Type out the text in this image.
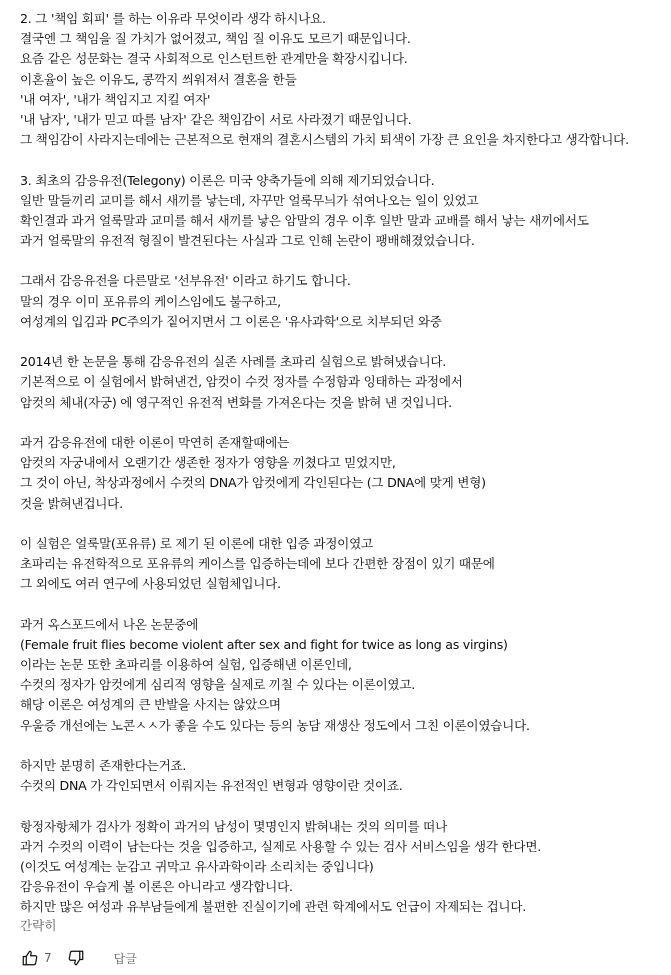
2. 그 '책임 회피' 를 하는 이유라 무엇이라 생각 하시나요.
결국엔 그 책임을 질 가치가 없어졌고, 책임 질 이유도 모르기 때문입니다.
요즘 같은 성문화는 결국 사회적으로 인스턴트한 관계만을 확장시킵니다.
이혼율이 높은 이유도, 콩깍지 씌워져서 결혼을 한들
'내 여자', '내가 책임지고 지킬 여자'
'내 남자', '내가 믿고 따를 남자' 같은 책임감이 서로 사라졌기 때문입니다.
그 책임감이 사라지는데에는 근본적으로 현재의 결혼시스템의 가치 퇴색이 가장 큰 요인을 차지한다고 생각합니다.
3. 최초의 감응유전(Telegony) 이론은 미국 양축가들에 의해 제기되었습니다.
일반 말들끼리 교미를 해서 새끼를 낳는데, 자꾸만 얼룩무늬가 섞여나오는 일이 있었고
확인결과 과거 얼룩말과 교미를 해서 새끼를 낳은 암말의 경우 이후 일반 말과 교배를 해서 낳는 새끼에서도
과거 얼룩말의 유전적 형질이 발견된다는 사실과 그로 인해 논란이 팽배해졌었습니다.
그래서 감응유전을 다른말로 '선부유전' 이라고 하기도 합니다.
말의 경우 이미 포유류의 케이스임에도 불구하고,
여성계의 입김과 PC주의가 짙어지면서 그 이론은 '유사과학'으로 치부되던 와중
2014년 한 논문을 통해 감응유전의 실존 사례를 초파리 실험으로 밝혀냈습니다.
기본적으로 이 실험에서 밝혀낸건, 암컷이 수컷 정자를 수정함과 잉태하는 과정에서
암컷의 체내(자궁) 에 영구적인 유전적 변화를 가져온다는 것을 밝혀 낸 것입니다.
과거 감응유전에 대한 이론이 막연히 존재할때에는
암컷의 자궁내에서 오랜기간 생존한 정자가 영향을 끼쳤다고 믿었지만,
그 것이 아닌, 착상과정에서 수컷의 DNA가 암컷에게 각인된다는 (그 DNA에 맞게 변형)
것을 밝혀낸겁니다.
이 실험은 얼룩말(포유류) 로 제기 된 이론에 대한 입증 과정이였고
초파리는 유전학적으로 포유류의 케이스를 입증하는데에 보다 간편한 장점이 있기 때문에
그 외에도 여러 연구에 사용되었던 실험체입니다.
과거 옥스포드에서 나온 논문중에
(Female fruit flies become violent after sex and fight for twice as long as virgins)
이라는 논문 또한 초파리를 이용하여 실험, 입증해낸 이론인데,
수컷의 정자가 암컷에게 심리적 영향을 실제로 끼칠 수 있다는 이론이였고.
해당 이론은 여성계의 큰 반발을 사지는 않았으며
우울증 개선에는 노콘ㅅㅅ가 좋을 수도 있다는 등의 농담 재생산 정도에서 그친 이론이였습니다.
하지만 분명히 존재한다는거죠.
수컷의 DNA 가 각인되면서 이뤄지는 유전적인 변형과 영향이란 것이죠.
항정자항체가 검사가 정확이 과거의 남성이 몇명인지 밝혀내는 것의 의미를 떠나
과거 수컷의 이력이 남는다는 것을 입증하고, 실제로 사용할 수 있는 검사 서비스임을 생각 한다면.
(이것도 여성계는 눈감고 귀막고 유사과학이라 소리치는 중입니다)
감응유전이 우습게 볼 이론은 아니라고 생각합니다.
하지만 많은 여성과 유부남들에게 불편한 진실이기에 관련 학계에서도 언급이 자제되는 겁니다.
간략히
7	답글
